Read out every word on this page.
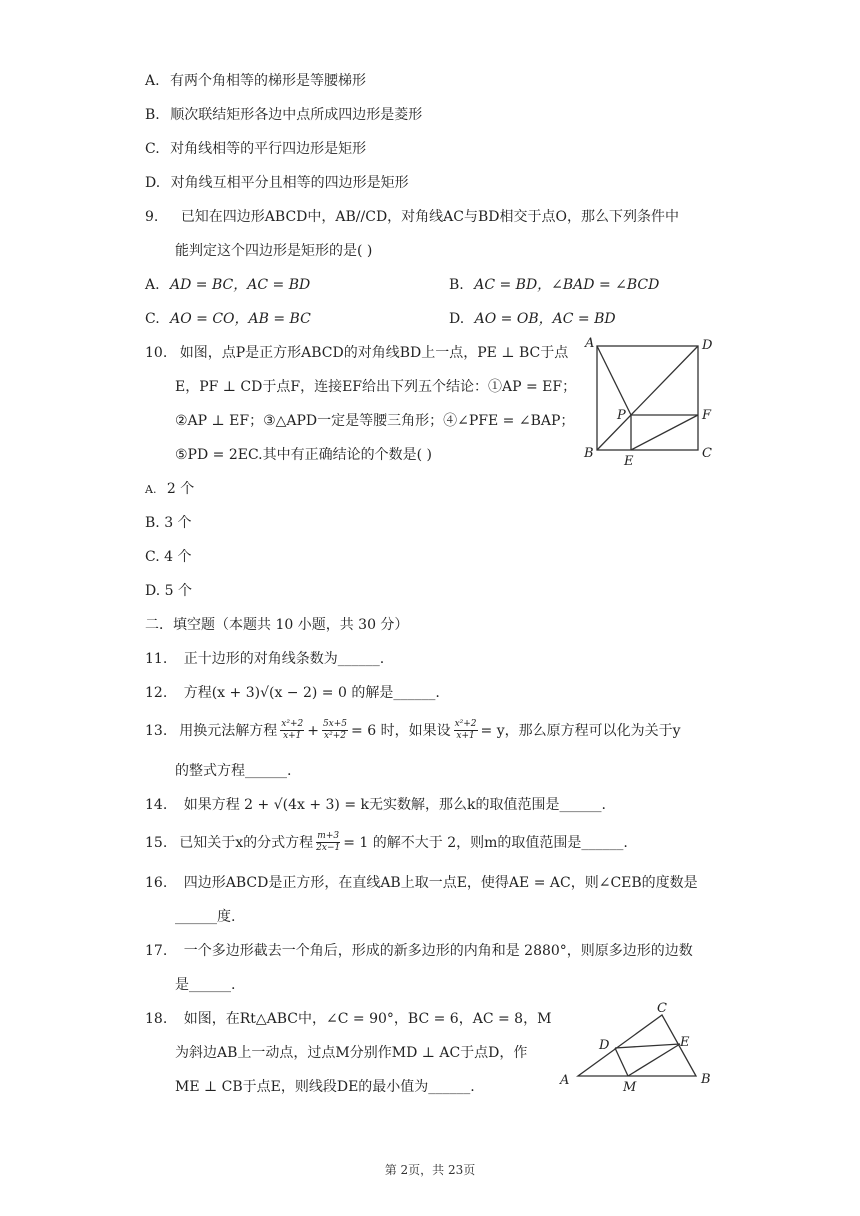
A. 有两个角相等的梯形是等腰梯形
B. 顺次联结矩形各边中点所成四边形是菱形
C. 对角线相等的平行四边形是矩形
D. 对角线互相平分且相等的四边形是矩形
9. 已知在四边形ABCD中，AB//CD，对角线AC与BD相交于点O，那么下列条件中
能判定这个四边形是矩形的是( )
A. AD = BC，AC = BD	B. AC = BD，∠BAD = ∠BCD
C. AO = CO，AB = BC	D. AO = OB，AC = BD
10. 如图，点P是正方形ABCD的对角线BD上一点，PE ⊥ BC于点
E，PF ⊥ CD于点F，连接EF给出下列五个结论：①AP = EF；
②AP ⊥ EF；③△APD一定是等腰三角形；④∠PFE = ∠BAP；
⑤PD = 2EC.其中有正确结论的个数是( )
A	D
P	F
B
E
C
A. 2 个
B. 3 个
C. 4 个
D. 5 个
二．填空题（本题共 10 小题，共 30 分）
11. 正十边形的对角线条数为______.
12. 方程(x + 3)√(x − 2) = 0 的解是______.
13. 用换元法解方程 $\frac{\text{x²+2}}{x+1} + \frac{5x+5}{\text{x²+2}} = 6$ 时，如果设 $\frac{\text{x²+2}}{x+1} = y$，那么原方程可以化为关于y
的整式方程______.
14. 如果方程 2 + √(4x + 3) = k无实数解，那么k的取值范围是______.
15. 已知关于x的分式方程 $\frac{m+3}{2x-1} = 1$ 的解不大于 2，则m的取值范围是______.
16. 四边形ABCD是正方形，在直线AB上取一点E，使得AE = AC，则∠CEB的度数是
______度.
17. 一个多边形截去一个角后，形成的新多边形的内角和是 2880°，则原多边形的边数
是______.
18. 如图，在Rt△ABC中，∠C = 90°，BC = 6，AC = 8，M
为斜边AB上一动点，过点M分别作MD ⊥ AC于点D，作
ME ⊥ CB于点E，则线段DE的最小值为______.
C
D	E
A	M
B
第 2页，共 23页
